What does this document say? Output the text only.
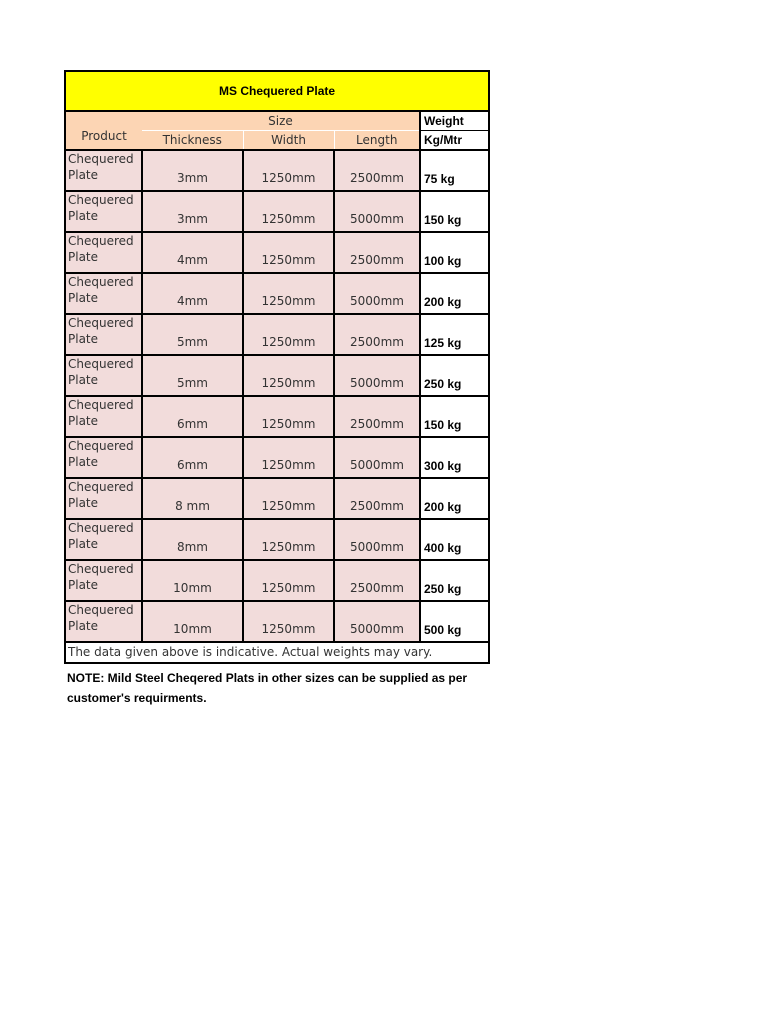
MS Chequered Plate				
Product	Size			Weight
	Thickness	Width	Length	Kg/Mtr

Chequered
Plate	3mm	1250mm	2500mm	75 kg

Chequered
Plate	3mm	1250mm	5000mm	150 kg

Chequered
Plate	4mm	1250mm	2500mm	100 kg

Chequered
Plate	4mm	1250mm	5000mm	200 kg

Chequered
Plate	5mm	1250mm	2500mm	125 kg

Chequered
Plate	5mm	1250mm	5000mm	250 kg

Chequered
Plate	6mm	1250mm	2500mm	150 kg

Chequered
Plate	6mm	1250mm	5000mm	300 kg

Chequered
Plate	8 mm	1250mm	2500mm	200 kg

Chequered
Plate	8mm	1250mm	5000mm	400 kg

Chequered
Plate	10mm	1250mm	2500mm	250 kg

Chequered
Plate	10mm	1250mm	5000mm	500 kg
The data given above is indicative. Actual weights may vary.				
NOTE: Mild Steel Cheqered Plats in other sizes can be supplied as per
customer's requirments.
